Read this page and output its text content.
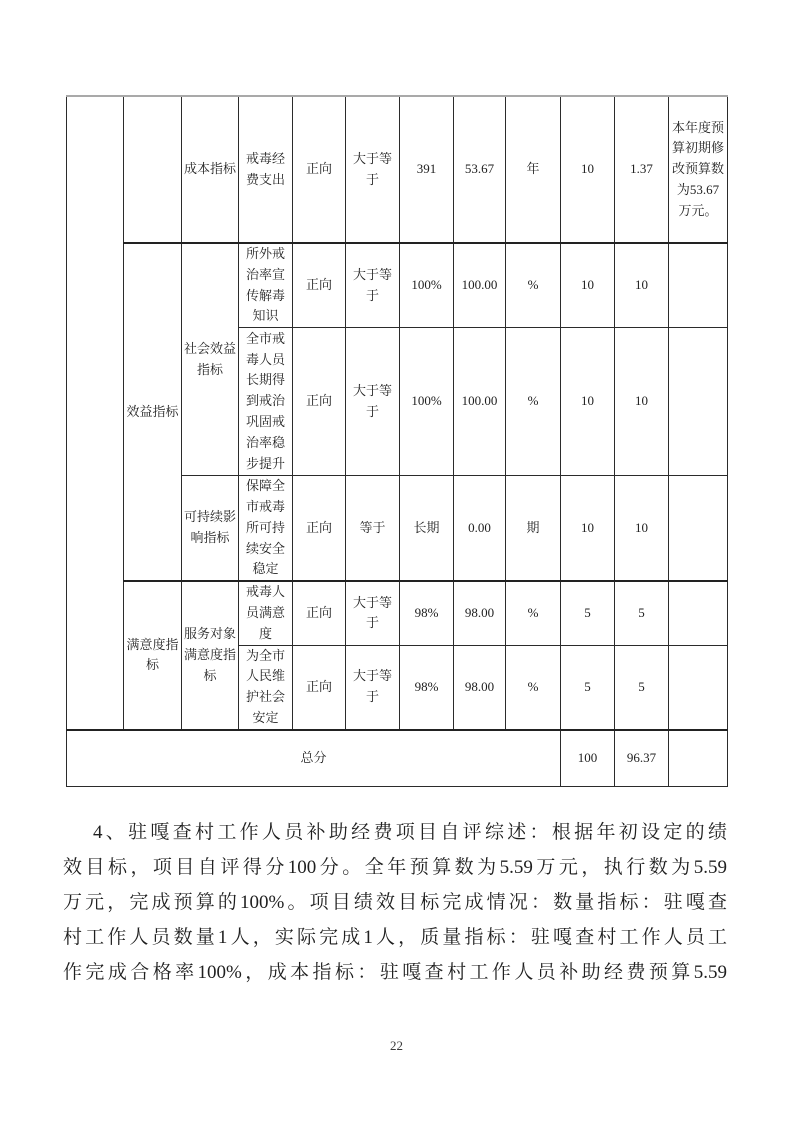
		成本指标	戒毒经费支出	正向	大于等于	391	53.67	年	10	1.37	本年度预算初期修改预算数为53.67万元。
	效益指标	社会效益指标	所外戒治率宣传解毒知识	正向	大于等于	100%	100.00	%	10	10	
			全市戒毒人员长期得到戒治巩固戒治率稳步提升	正向	大于等于	100%	100.00	%	10	10	
		可持续影响指标	保障全市戒毒所可持续安全稳定	正向	等于	长期	0.00	期	10	10	
	满意度指标	服务对象满意度指标	戒毒人员满意度	正向	大于等于	98%	98.00	%	5	5	
			为全市人民维护社会安定	正向	大于等于	98%	98.00	%	5	5	
总分									100	96.37	
4、驻嘎查村工作人员补助经费项目自评综述：根据年初设定的绩
效目标，项目自评得分100分。全年预算数为5.59万元，执行数为5.59
万元，完成预算的100%。项目绩效目标完成情况：数量指标：驻嘎查
村工作人员数量1人，实际完成1人，质量指标：驻嘎查村工作人员工
作完成合格率100%，成本指标：驻嘎查村工作人员补助经费预算5.59
22
